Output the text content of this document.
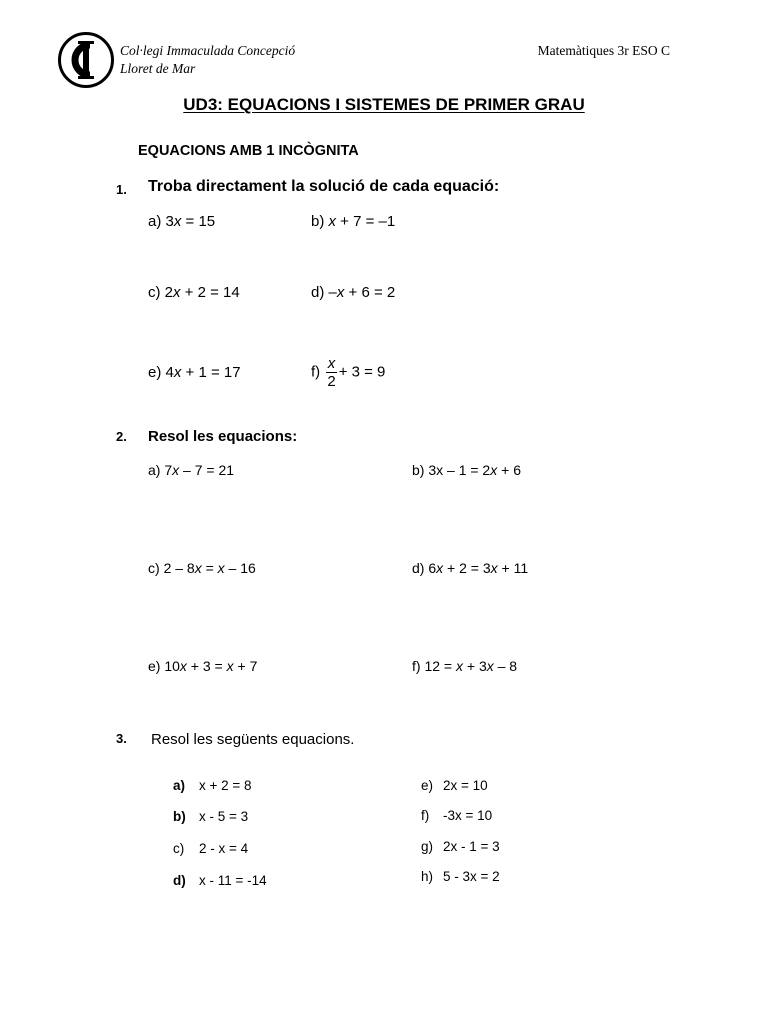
Col·legi Immaculada Concepció
Lloret de Mar
Matemàtiques 3r ESO C
UD3: EQUACIONS I SISTEMES DE PRIMER GRAU
EQUACIONS AMB 1 INCÒGNITA
1. Troba directament la solució de cada equació:
a) 3x = 15	b) x + 7 = –1
c) 2x + 2 = 14	d) –x + 6 = 2
e) 4x + 1 = 17	$f) \frac{x}{2} + 3 = 9$
2. Resol les equacions:
a) 7x – 7 = 21	b) 3x – 1 = 2x + 6
c) 2 – 8x = x – 16	d) 6x + 2 = 3x + 11
e) 10x + 3 = x + 7	f) 12 = x + 3x – 8
3. Resol les següents equacions.
a) x + 2 = 8
b) x - 5 = 3
c) 2 - x = 4
d) x - 11 = -14
e) 2x = 10
f) -3x = 10
g) 2x - 1 = 3
h) 5 - 3x = 2
